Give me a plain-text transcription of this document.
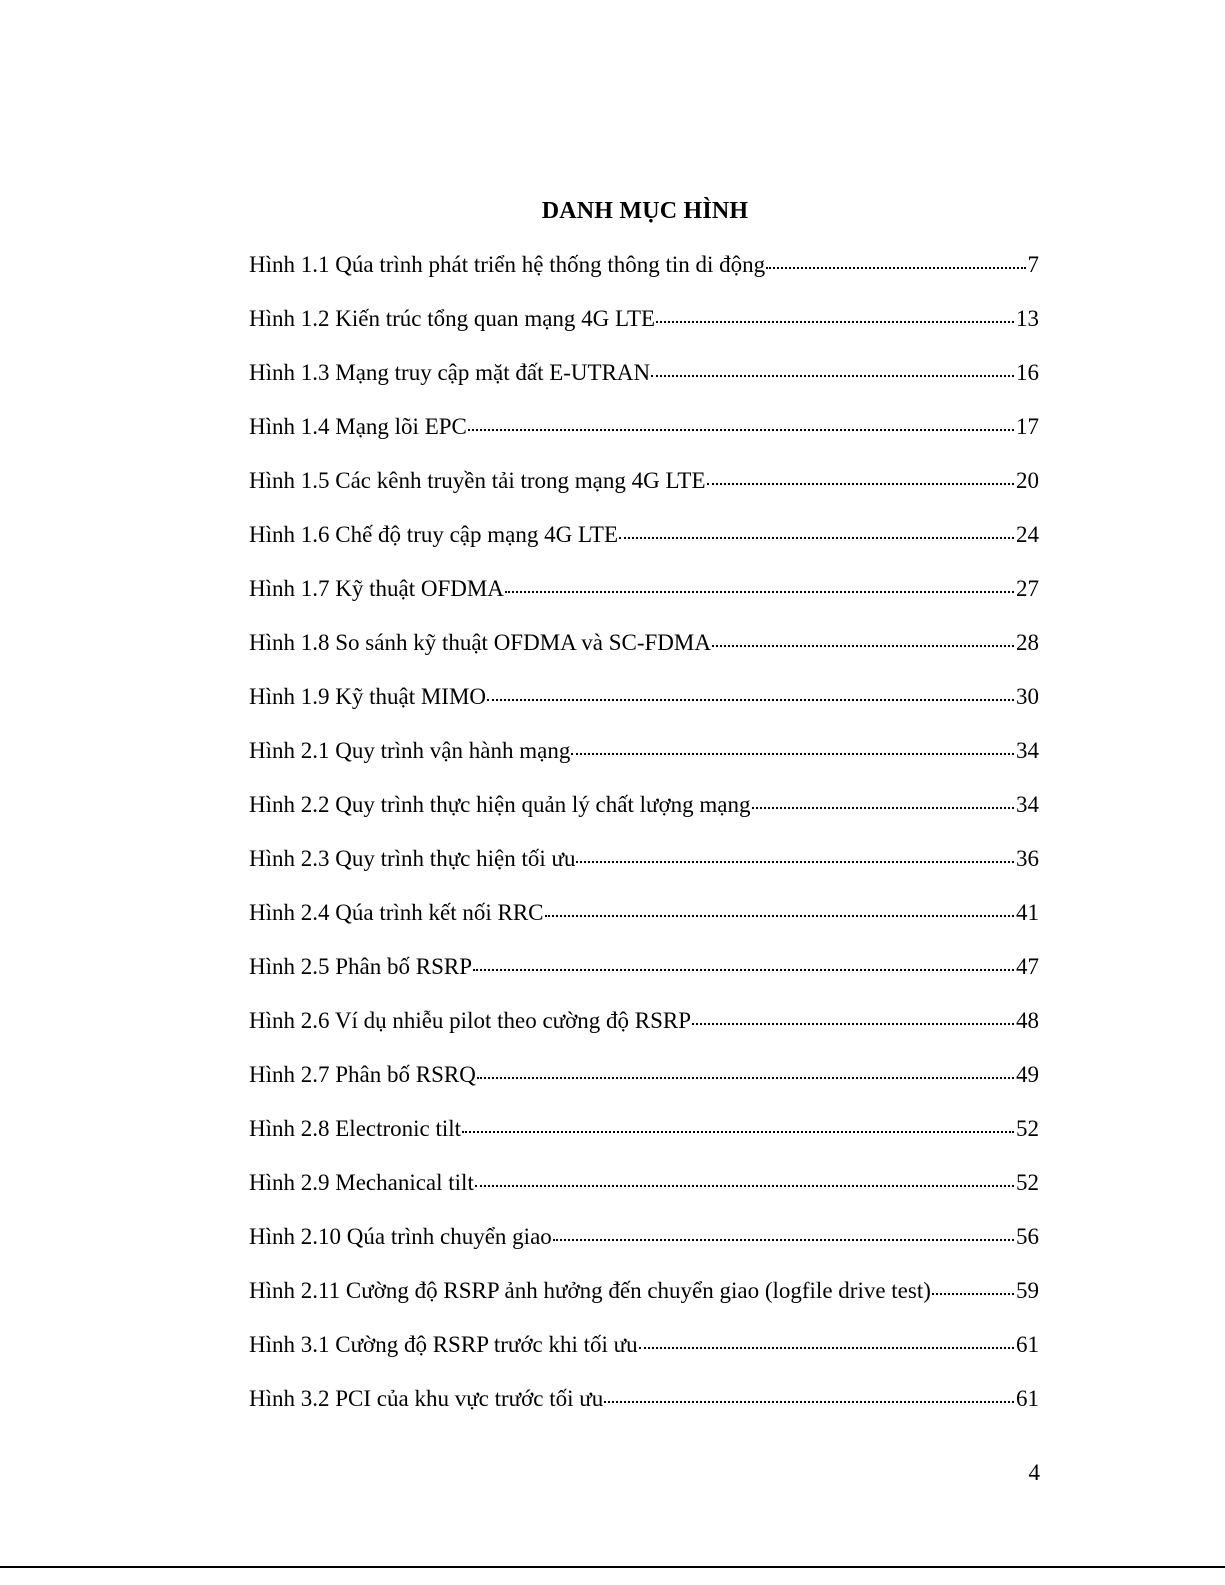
DANH MỤC HÌNH
Hình 1.1 Qúa trình phát triển hệ thống thông tin di động	7
Hình 1.2 Kiến trúc tổng quan mạng 4G LTE	13
Hình 1.3 Mạng truy cập mặt đất E-UTRAN	16
Hình 1.4 Mạng lõi EPC	17
Hình 1.5 Các kênh truyền tải trong mạng 4G LTE	20
Hình 1.6 Chế độ truy cập mạng 4G LTE	24
Hình 1.7 Kỹ thuật OFDMA	27
Hình 1.8 So sánh kỹ thuật OFDMA và SC-FDMA	28
Hình 1.9 Kỹ thuật MIMO	30
Hình 2.1 Quy trình vận hành mạng	34
Hình 2.2 Quy trình thực hiện quản lý chất lượng mạng	34
Hình 2.3 Quy trình thực hiện tối ưu	36
Hình 2.4 Qúa trình kết nối RRC	41
Hình 2.5 Phân bố RSRP	47
Hình 2.6 Ví dụ nhiễu pilot theo cường độ RSRP	48
Hình 2.7 Phân bố RSRQ	49
Hình 2.8 Electronic tilt	52
Hình 2.9 Mechanical tilt	52
Hình 2.10 Qúa trình chuyển giao	56
Hình 2.11 Cường độ RSRP ảnh hưởng đến chuyển giao (logfile drive test)	59
Hình 3.1 Cường độ RSRP trước khi tối ưu	61
Hình 3.2 PCI của khu vực trước tối ưu	61
4
